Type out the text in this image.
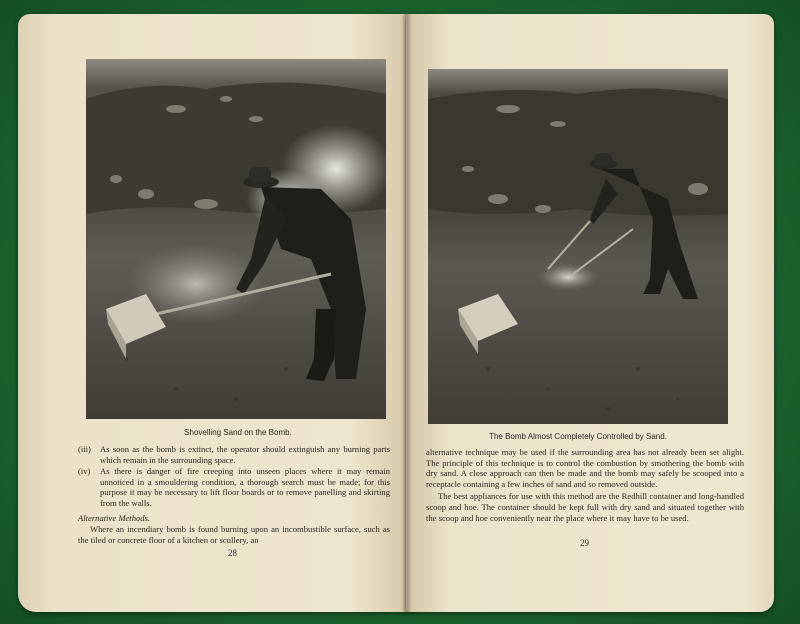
Shovelling Sand on the Bomb.	The Bomb Almost Completely Controlled by Sand.
(iii)	As soon as the bomb is extinct, the operator should extinguish any burning parts which remain in the surrounding space.
(iv)	As there is danger of fire creeping into unseen places where it may remain unnoticed in a smouldering condition, a thorough search must be made; for this purpose it may be necessary to lift floor boards or to remove panelling and skirting from the walls.
Alternative Methods.
Where an incendiary bomb is found burning upon an incombustible surface, such as the tiled or concrete floor of a kitchen or scullery, an
28
alternative technique may be used if the surrounding area has not already been set alight. The principle of this technique is to control the combustion by smothering the bomb with dry sand. A close approach can then be made and the bomb may safely be scooped into a receptacle containing a few inches of sand and so removed outside.
The best appliances for use with this method are the Redhill container and long-handled scoop and hoe. The container should be kept full with dry sand and situated together with the scoop and hoe conveniently near the place where it may have to be used.
29
